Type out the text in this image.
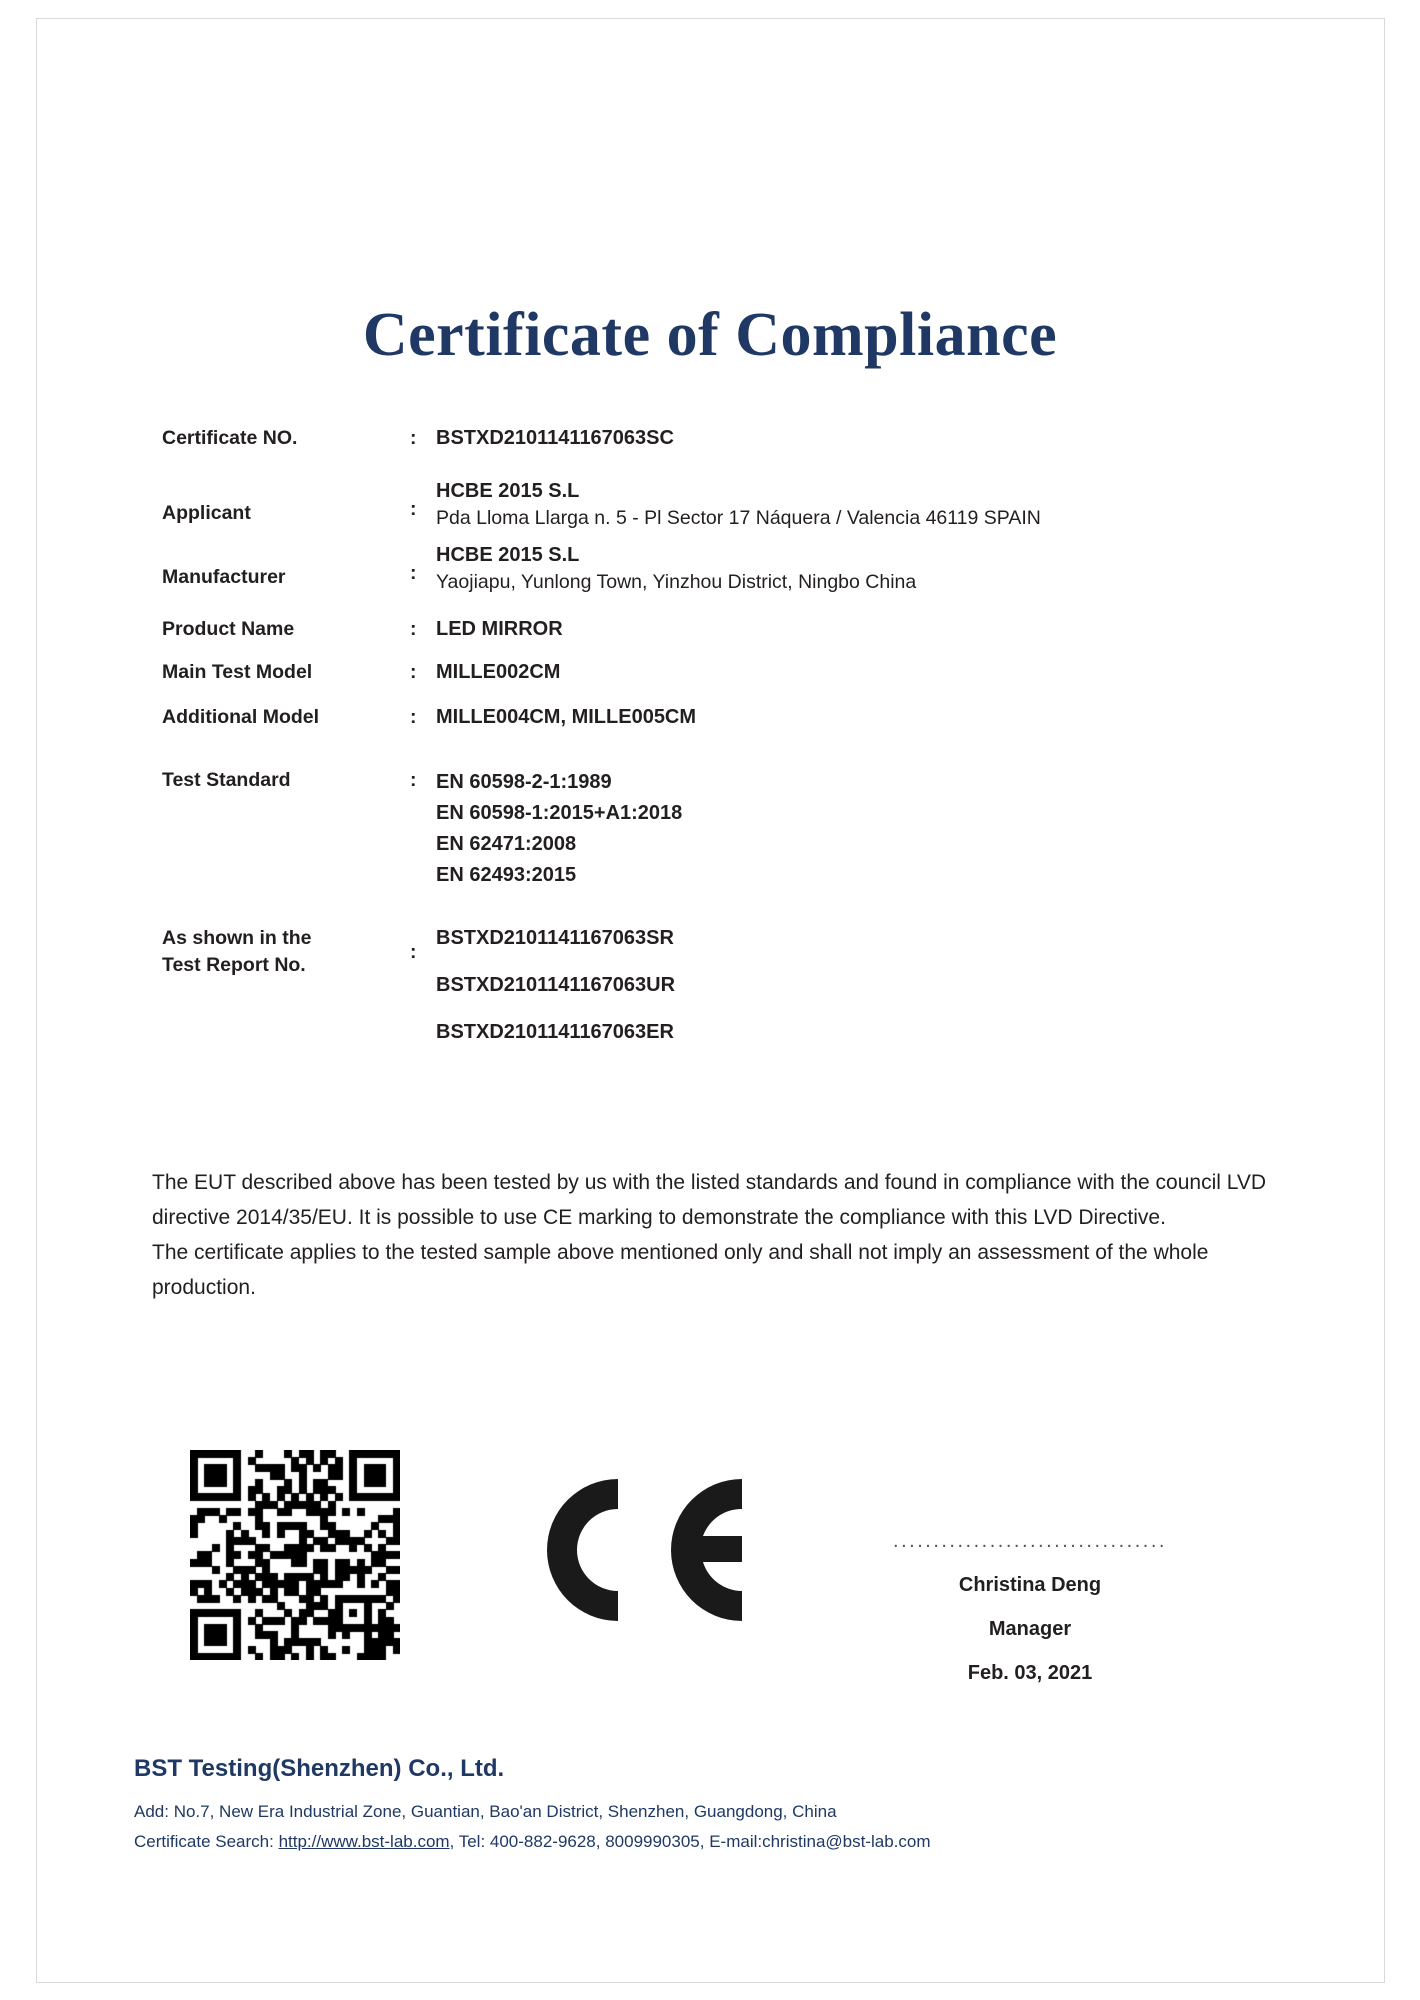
Certificate of Compliance
Certificate NO.	: BSTXD2101141167063SC
Applicant	:
HCBE 2015 S.L
Pda Lloma Llarga n. 5 - Pl Sector 17 Náquera / Valencia 46119 SPAIN
Manufacturer	:
HCBE 2015 S.L
Yaojiapu, Yunlong Town, Yinzhou District, Ningbo China
Product Name	: LED MIRROR
Main Test Model	: MILLE002CM
Additional Model	: MILLE004CM, MILLE005CM
Test Standard	: EN 60598-2-1:1989
EN 60598-1:2015+A1:2018
EN 62471:2008
EN 62493:2015
As shown in the
Test Report No.
:
BSTXD2101141167063SR
BSTXD2101141167063UR
BSTXD2101141167063ER

The EUT described above has been tested by us with the listed standards and found in compliance with the council LVD directive 2014/35/EU. It is possible to use CE marking to demonstrate the compliance with this LVD Directive.

The certificate applies to the tested sample above mentioned only and shall not imply an assessment of the whole production.

..................................
Christina Deng
Manager
Feb. 03, 2021
BST Testing(Shenzhen) Co., Ltd.
Add: No.7, New Era Industrial Zone, Guantian, Bao'an District, Shenzhen, Guangdong, China
Certificate Search: http://www.bst-lab.com, Tel: 400-882-9628, 8009990305, E-mail:christina@bst-lab.com
